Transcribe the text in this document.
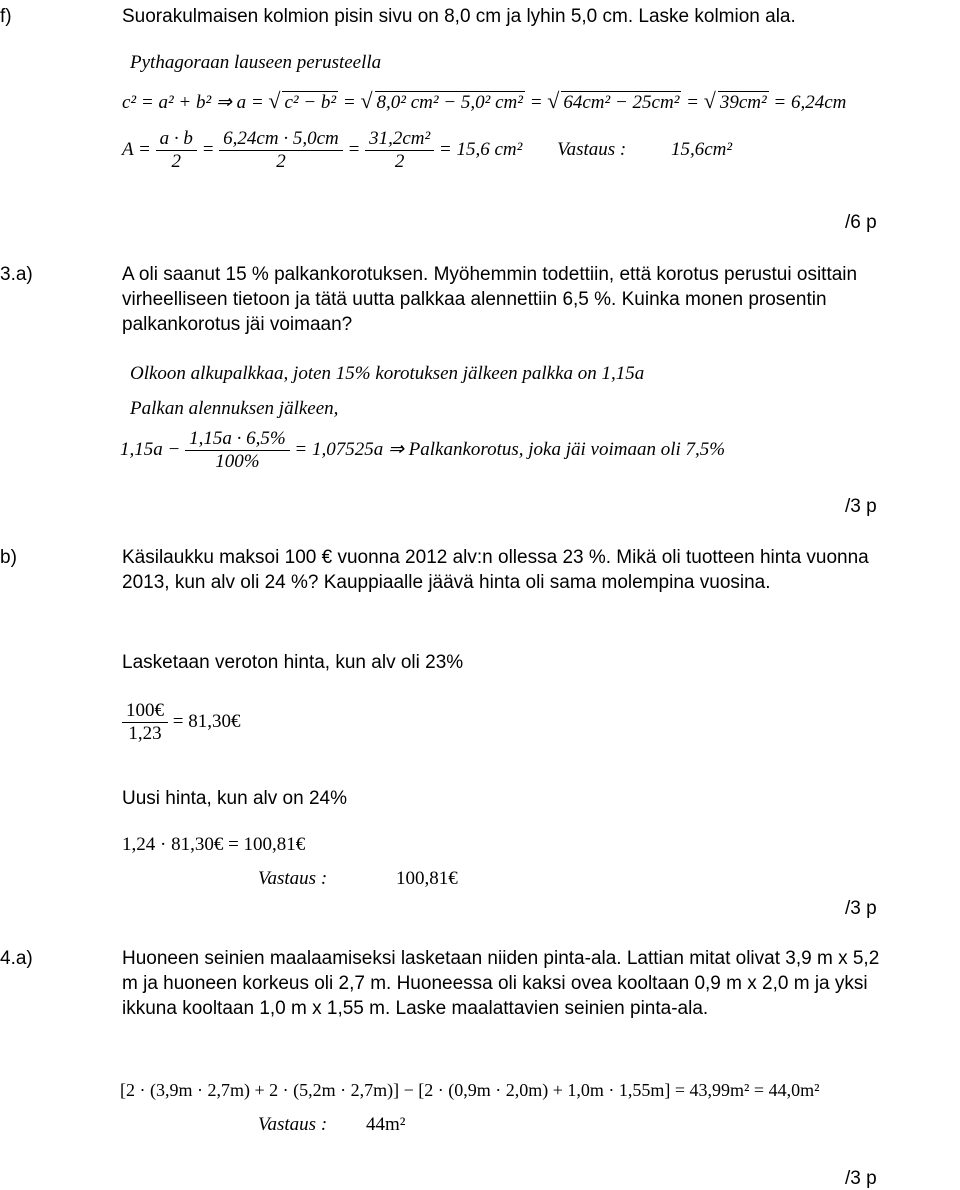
f)	Suorakulmaisen kolmion pisin sivu on 8,0 cm ja lyhin 5,0 cm. Laske kolmion ala.
Pythagoraan lauseen perusteella
c² = a² + b² ⇒ a = √ c² − b² = √ 8,0² cm² − 5,0² cm² = √ 64cm² − 25cm² = √ 39cm² = 6,24cm
$A = \frac{a \cdot b}{2} = \frac{6,24cm \cdot 5,0cm}{2} = \frac{\text{31,2cm²}}{2} = 15,6$ cm² Vastaus : 15,6cm²
/6 p
3.a)	A oli saanut 15 % palkankorotuksen. Myöhemmin todettiin, että korotus perustui osittain virheelliseen tietoon ja tätä uutta palkkaa alennettiin 6,5 %. Kuinka monen prosentin palkankorotus jäi voimaan?
Olkoon alkupalkkaa, joten 15% korotuksen jälkeen palkka on 1,15a
Palkan alennuksen jälkeen,
$1,15a - \frac{1,15a \cdot 6,5\%}{100\%} = 1,07525a$ ⇒ Palkankorotus, joka jäi voimaan oli 7,5%
/3 p
b)	Käsilaukku maksoi 100 € vuonna 2012 alv:n ollessa 23 %. Mikä oli tuotteen hinta vuonna 2013, kun alv oli 24 %? Kauppiaalle jäävä hinta oli sama molempina vuosina.
Lasketaan veroton hinta, kun alv oli 23%
$\frac{100€}{1,23}$ = 81,30€
Uusi hinta, kun alv on 24%
1,24 · 81,30€ = 100,81€
Vastaus :	100,81€
/3 p
4.a)	Huoneen seinien maalaamiseksi lasketaan niiden pinta-ala. Lattian mitat olivat 3,9 m x 5,2 m ja huoneen korkeus oli 2,7 m. Huoneessa oli kaksi ovea kooltaan 0,9 m x 2,0 m ja yksi ikkuna kooltaan 1,0 m x 1,55 m. Laske maalattavien seinien pinta-ala.
[2 · (3,9m · 2,7m) + 2 · (5,2m · 2,7m)] − [2 · (0,9m · 2,0m) + 1,0m · 1,55m] = 43,99m² = 44,0m²
Vastaus : 44m²
/3 p
